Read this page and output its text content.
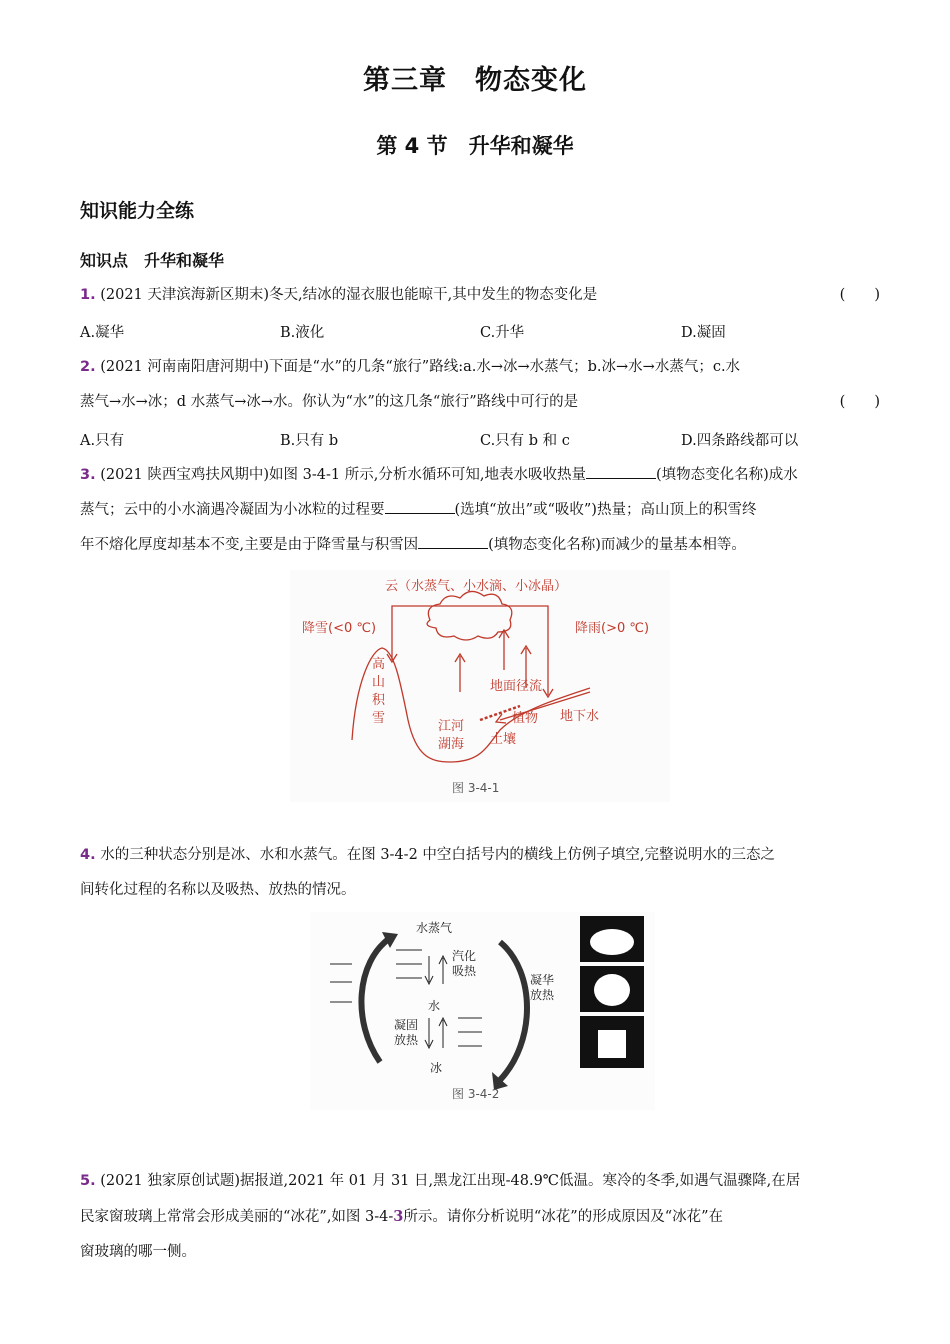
第三章　物态变化
第 4 节　升华和凝华
知识能力全练
知识点　升华和凝华
1. (2021 天津滨海新区期末)冬天,结冰的湿衣服也能晾干,其中发生的物态变化是	(　　)
A.凝华	B.液化	C.升华	D.凝固
2. (2021 河南南阳唐河期中)下面是“水”的几条“旅行”路线:a.水→冰→水蒸气；b.冰→水→水蒸气；c.水
蒸气→水→冰；d 水蒸气→冰→水。你认为“水”的这几条“旅行”路线中可行的是	(　　)
A.只有	B.只有 b	C.只有 b 和 c	D.四条路线都可以
3. (2021 陕西宝鸡扶风期中)如图 3-4-1 所示,分析水循环可知,地表水吸收热量	(填物态变化名称)成水
蒸气；云中的小水滴遇冷凝固为小冰粒的过程要	(选填“放出”或“吸收”)热量；高山顶上的积雪终
年不熔化厚度却基本不变,主要是由于降雪量与积雪因	(填物态变化名称)而减少的量基本相等。
云（水蒸气、小水滴、小冰晶）
降雪(<0 ℃)	降雨(>0 ℃)
高
山
积
雪
地面径流
植物
土壤
地下水
江河
湖海
图 3-4-1
4. 水的三种状态分别是冰、水和水蒸气。在图 3-4-2 中空白括号内的横线上仿例子填空,完整说明水的三态之
间转化过程的名称以及吸热、放热的情况。
水蒸气
水
冰
汽化
吸热
凝华
放热
凝固
放热
图 3-4-2
5. (2021 独家原创试题)据报道,2021 年 01 月 31 日,黑龙江出现-48.9℃低温。寒冷的冬季,如遇气温骤降,在居
民家窗玻璃上常常会形成美丽的“冰花”,如图 3-4-3所示。请你分析说明“冰花”的形成原因及“冰花”在
窗玻璃的哪一侧。
